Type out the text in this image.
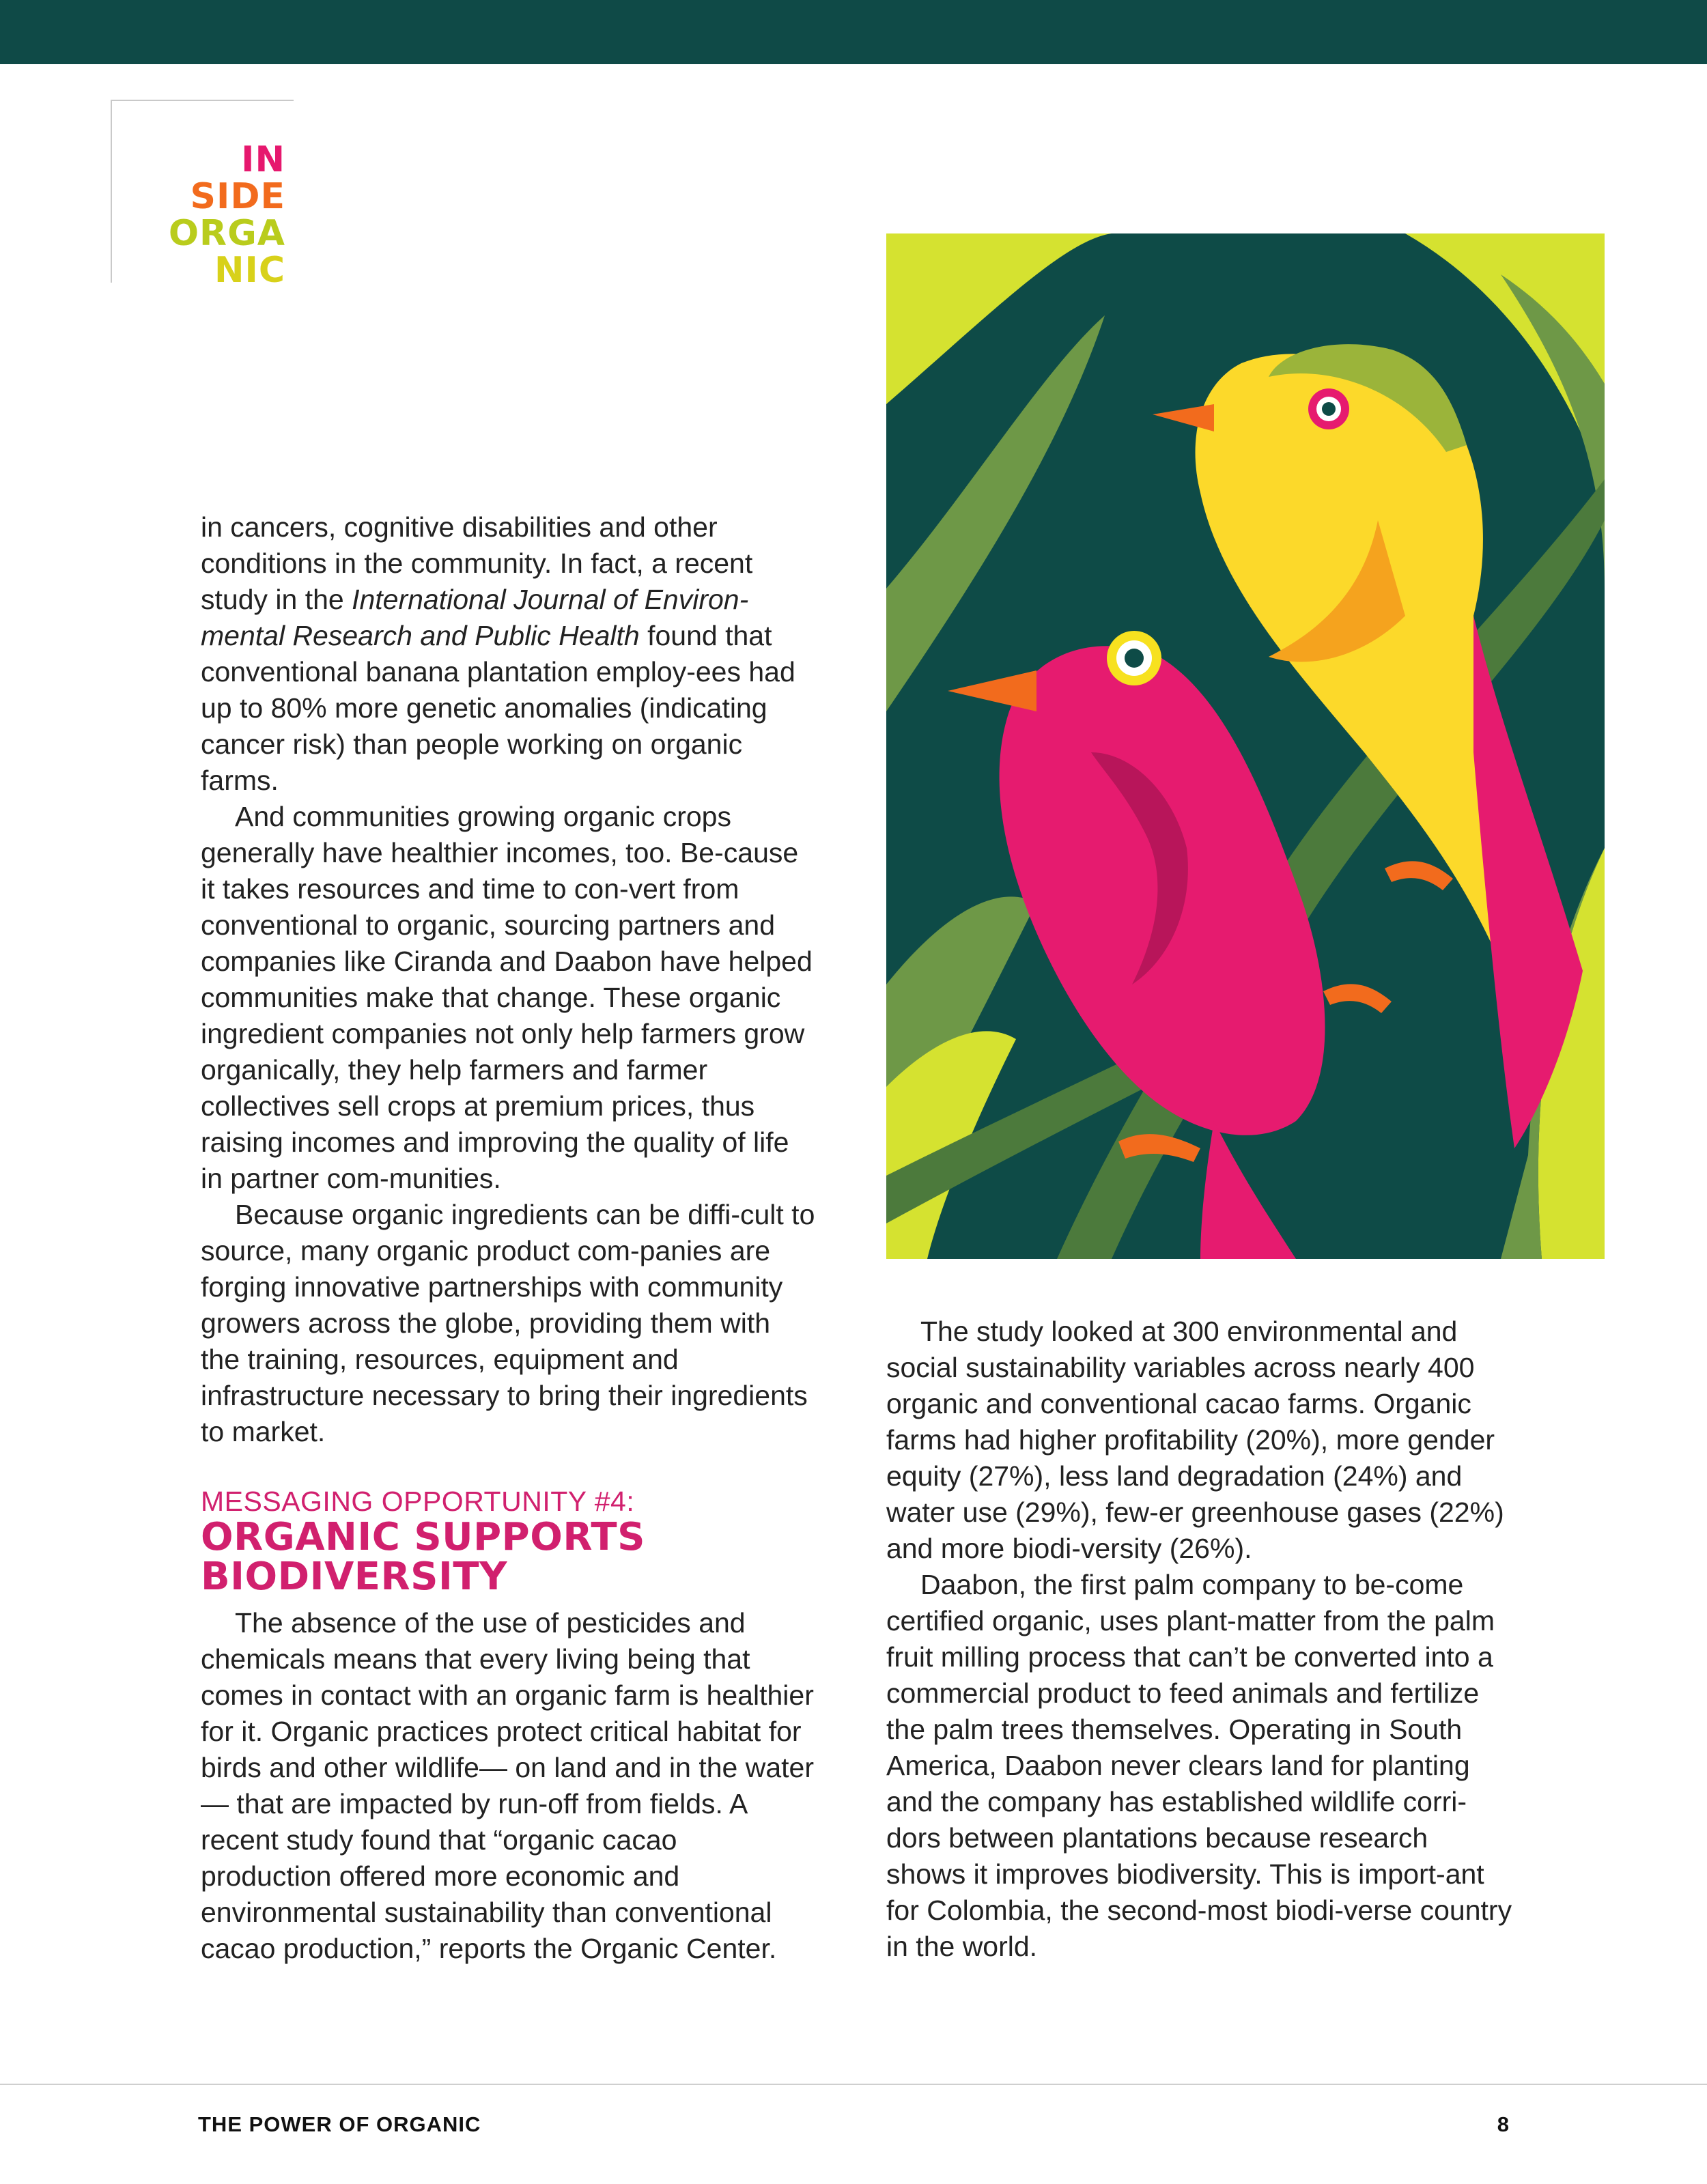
IN
SIDE
ORGA
NIC

in cancers, cognitive disabilities and other conditions in the community. In fact, a recent study in the International Journal of Environ-mental Research and Public Health found that conventional banana plantation employ-ees had up to 80% more genetic anomalies (indicating cancer risk) than people working on organic farms.

And communities growing organic crops generally have healthier incomes, too. Be-cause it takes resources and time to con-vert from conventional to organic, sourcing partners and companies like Ciranda and Daabon have helped communities make that change. These organic ingredient companies not only help farmers grow organically, they help farmers and farmer collectives sell crops at premium prices, thus raising incomes and improving the quality of life in partner com-munities.

Because organic ingredients can be diffi-cult to source, many organic product com-panies are forging innovative partnerships with community growers across the globe, providing them with the training, resources, equipment and infrastructure necessary to bring their ingredients to market.

MESSAGING OPPORTUNITY #4:

ORGANIC SUPPORTS
BIODIVERSITY

The absence of the use of pesticides and chemicals means that every living being that comes in contact with an organic farm is healthier for it. Organic practices protect critical habitat for birds and other wildlife— on land and in the water — that are impacted by run-off from fields. A recent study found that “organic cacao production offered more economic and environmental sustainability than conventional cacao production,” reports the Organic Center.

The study looked at 300 environmental and social sustainability variables across nearly 400 organic and conventional cacao farms. Organic farms had higher profitability (20%), more gender equity (27%), less land degradation (24%) and water use (29%), few-er greenhouse gases (22%) and more biodi-versity (26%).

Daabon, the first palm company to be-come certified organic, uses plant-matter from the palm fruit milling process that can’t be converted into a commercial product to feed animals and fertilize the palm trees themselves. Operating in South America, Daabon never clears land for planting and the company has established wildlife corri-dors between plantations because research shows it improves biodiversity. This is import-ant for Colombia, the second-most biodi-verse country in the world.

THE POWER OF ORGANIC	8
